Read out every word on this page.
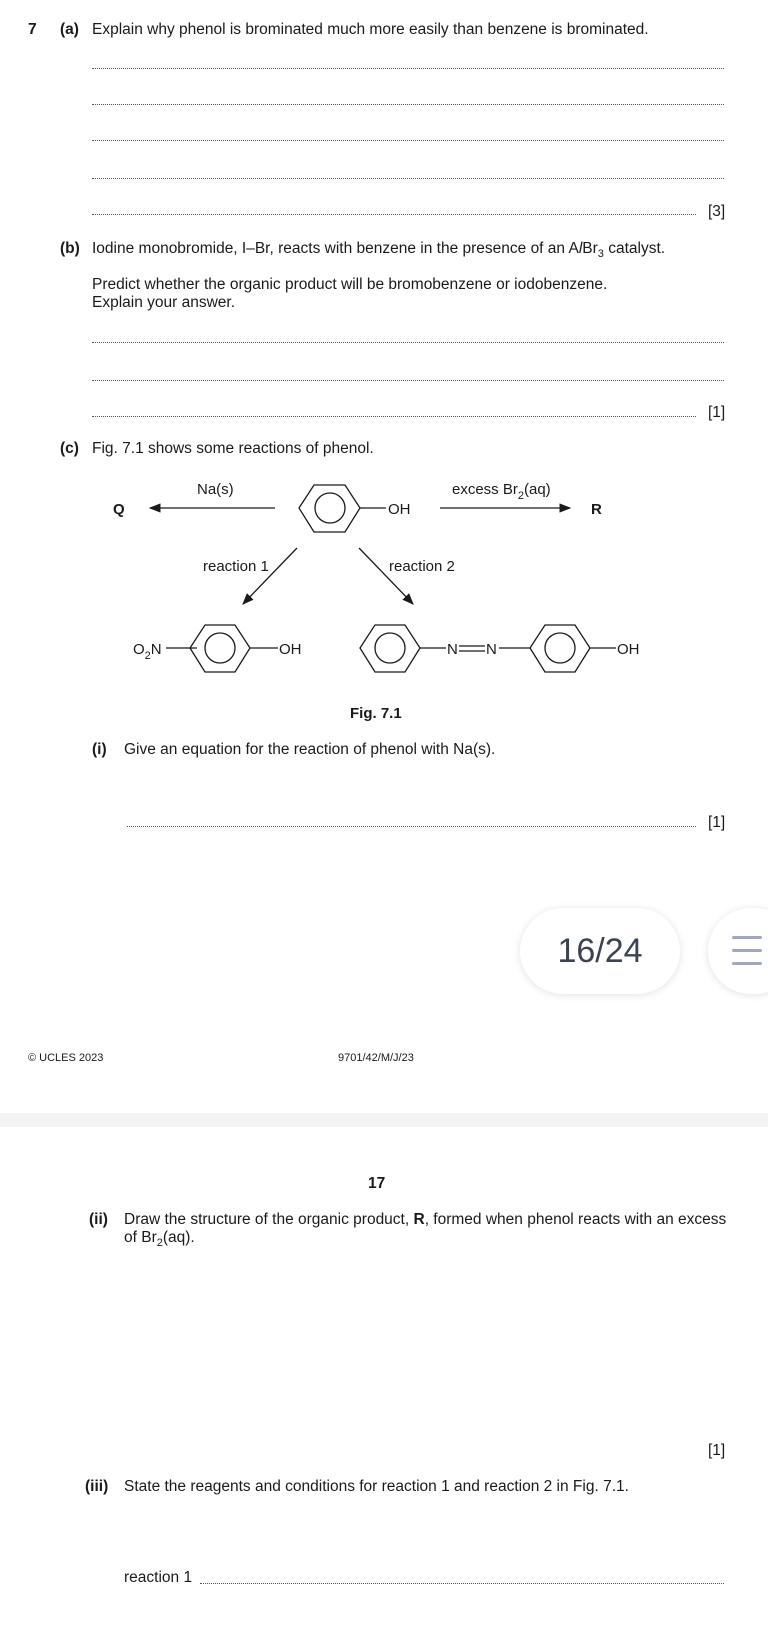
7 (a) Explain why phenol is brominated much more easily than benzene is brominated.
[3]
(b) Iodine monobromide, I–Br, reacts with benzene in the presence of an AlBr$_3$ catalyst.
Predict whether the organic product will be bromobenzene or iodobenzene.
Explain your answer.
[1]
(c) Fig. 7.1 shows some reactions of phenol.
Q
Na(s)
OH
excess $Br_2(aq)$
R
reaction 1	reaction 2
$O_2N$	OH	N N	OH
Fig. 7.1
(i) Give an equation for the reaction of phenol with Na(s).
[1]
© UCLES 2023	9701/42/M/J/23
16/24
17
(ii) Draw the structure of the organic product, R, formed when phenol reacts with an excess
of $Br_2(aq)$.
[1]
(iii) State the reagents and conditions for reaction 1 and reaction 2 in Fig. 7.1.
reaction 1
